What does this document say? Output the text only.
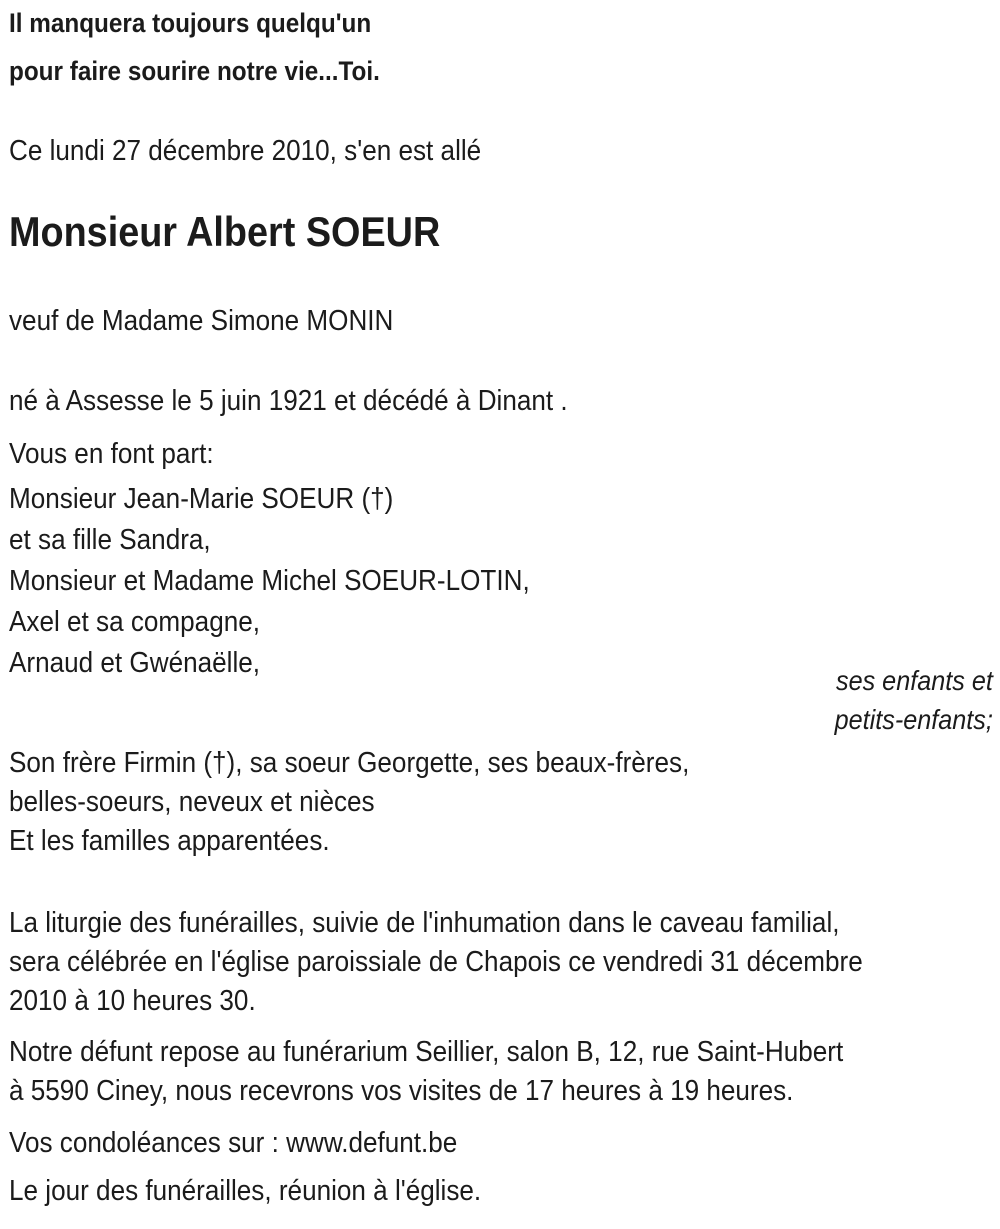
Il manquera toujours quelqu'un
pour faire sourire notre vie...Toi.
Ce lundi 27 décembre 2010, s'en est allé
Monsieur Albert SOEUR
veuf de Madame Simone MONIN
né à Assesse le 5 juin 1921 et décédé à Dinant .
Vous en font part:
Monsieur Jean-Marie SOEUR (†)
et sa fille Sandra,
Monsieur et Madame Michel SOEUR-LOTIN,
Axel et sa compagne,
Arnaud et Gwénaëlle,
ses enfants et
petits-enfants;
Son frère Firmin (†), sa soeur Georgette, ses beaux-frères,
belles-soeurs, neveux et nièces
Et les familles apparentées.
La liturgie des funérailles, suivie de l'inhumation dans le caveau familial,
sera célébrée en l'église paroissiale de Chapois ce vendredi 31 décembre
2010 à 10 heures 30.
Notre défunt repose au funérarium Seillier, salon B, 12, rue Saint-Hubert
à 5590 Ciney, nous recevrons vos visites de 17 heures à 19 heures.
Vos condoléances sur : www.defunt.be
Le jour des funérailles, réunion à l'église.
